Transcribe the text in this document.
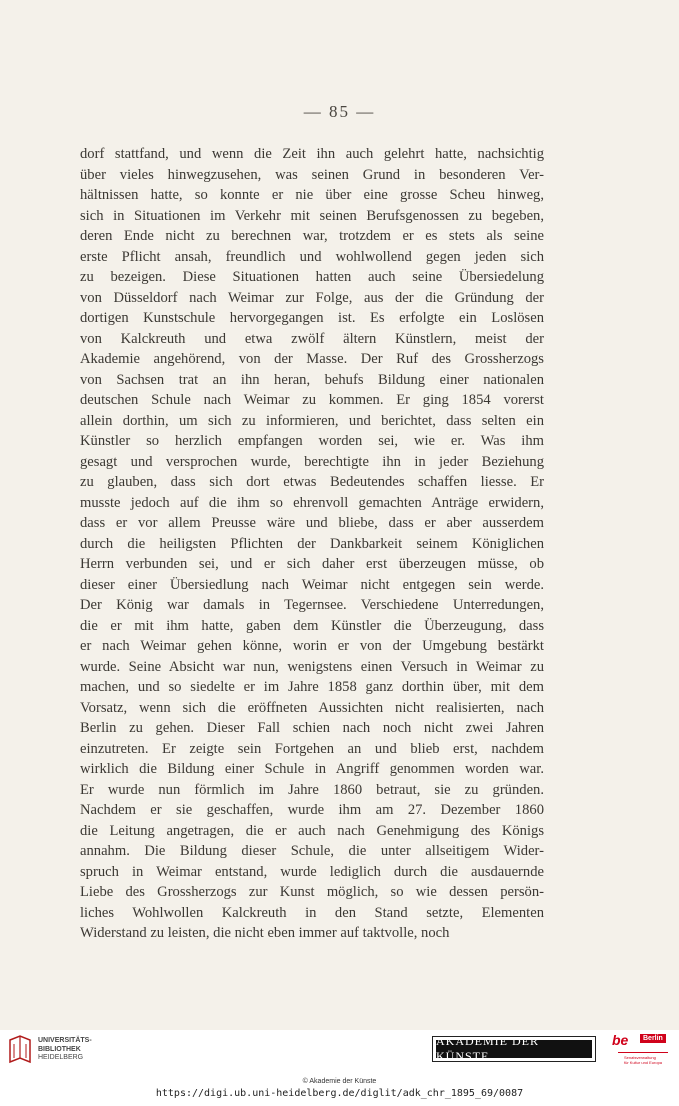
— 85 —
dorf stattfand, und wenn die Zeit ihn auch gelehrt hatte, nachsichtig
über vieles hinwegzusehen, was seinen Grund in besonderen Ver-
hältnissen hatte, so konnte er nie über eine grosse Scheu hinweg,
sich in Situationen im Verkehr mit seinen Berufsgenossen zu begeben,
deren Ende nicht zu berechnen war, trotzdem er es stets als seine
erste Pflicht ansah, freundlich und wohlwollend gegen jeden sich
zu bezeigen. Diese Situationen hatten auch seine Übersiedelung
von Düsseldorf nach Weimar zur Folge, aus der die Gründung der
dortigen Kunstschule hervorgegangen ist. Es erfolgte ein Loslösen
von Kalckreuth und etwa zwölf ältern Künstlern, meist der
Akademie angehörend, von der Masse. Der Ruf des Grossherzogs
von Sachsen trat an ihn heran, behufs Bildung einer nationalen
deutschen Schule nach Weimar zu kommen. Er ging 1854 vorerst
allein dorthin, um sich zu informieren, und berichtet, dass selten ein
Künstler so herzlich empfangen worden sei, wie er. Was ihm
gesagt und versprochen wurde, berechtigte ihn in jeder Beziehung
zu glauben, dass sich dort etwas Bedeutendes schaffen liesse. Er
musste jedoch auf die ihm so ehrenvoll gemachten Anträge erwidern,
dass er vor allem Preusse wäre und bliebe, dass er aber ausserdem
durch die heiligsten Pflichten der Dankbarkeit seinem Königlichen
Herrn verbunden sei, und er sich daher erst überzeugen müsse, ob
dieser einer Übersiedlung nach Weimar nicht entgegen sein werde.
Der König war damals in Tegernsee. Verschiedene Unterredungen,
die er mit ihm hatte, gaben dem Künstler die Überzeugung, dass
er nach Weimar gehen könne, worin er von der Umgebung bestärkt
wurde. Seine Absicht war nun, wenigstens einen Versuch in Weimar zu
machen, und so siedelte er im Jahre 1858 ganz dorthin über, mit dem
Vorsatz, wenn sich die eröffneten Aussichten nicht realisierten, nach
Berlin zu gehen. Dieser Fall schien nach noch nicht zwei Jahren
einzutreten. Er zeigte sein Fortgehen an und blieb erst, nachdem
wirklich die Bildung einer Schule in Angriff genommen worden war.
Er wurde nun förmlich im Jahre 1860 betraut, sie zu gründen.
Nachdem er sie geschaffen, wurde ihm am 27. Dezember 1860
die Leitung angetragen, die er auch nach Genehmigung des Königs
annahm. Die Bildung dieser Schule, die unter allseitigem Wider-
spruch in Weimar entstand, wurde lediglich durch die ausdauernde
Liebe des Grossherzogs zur Kunst möglich, so wie dessen persön-
liches Wohlwollen Kalckreuth in den Stand setzte, Elementen
Widerstand zu leisten, die nicht eben immer auf taktvolle, noch
UNIVERSITÄTS-
BIBLIOTHEK
HEIDELBERG
AKADEMIE DER KÜNSTE
be	Berlin
Senatsverwaltung
für Kultur und Europa
© Akademie der Künste
https://digi.ub.uni-heidelberg.de/diglit/adk_chr_1895_69/0087
